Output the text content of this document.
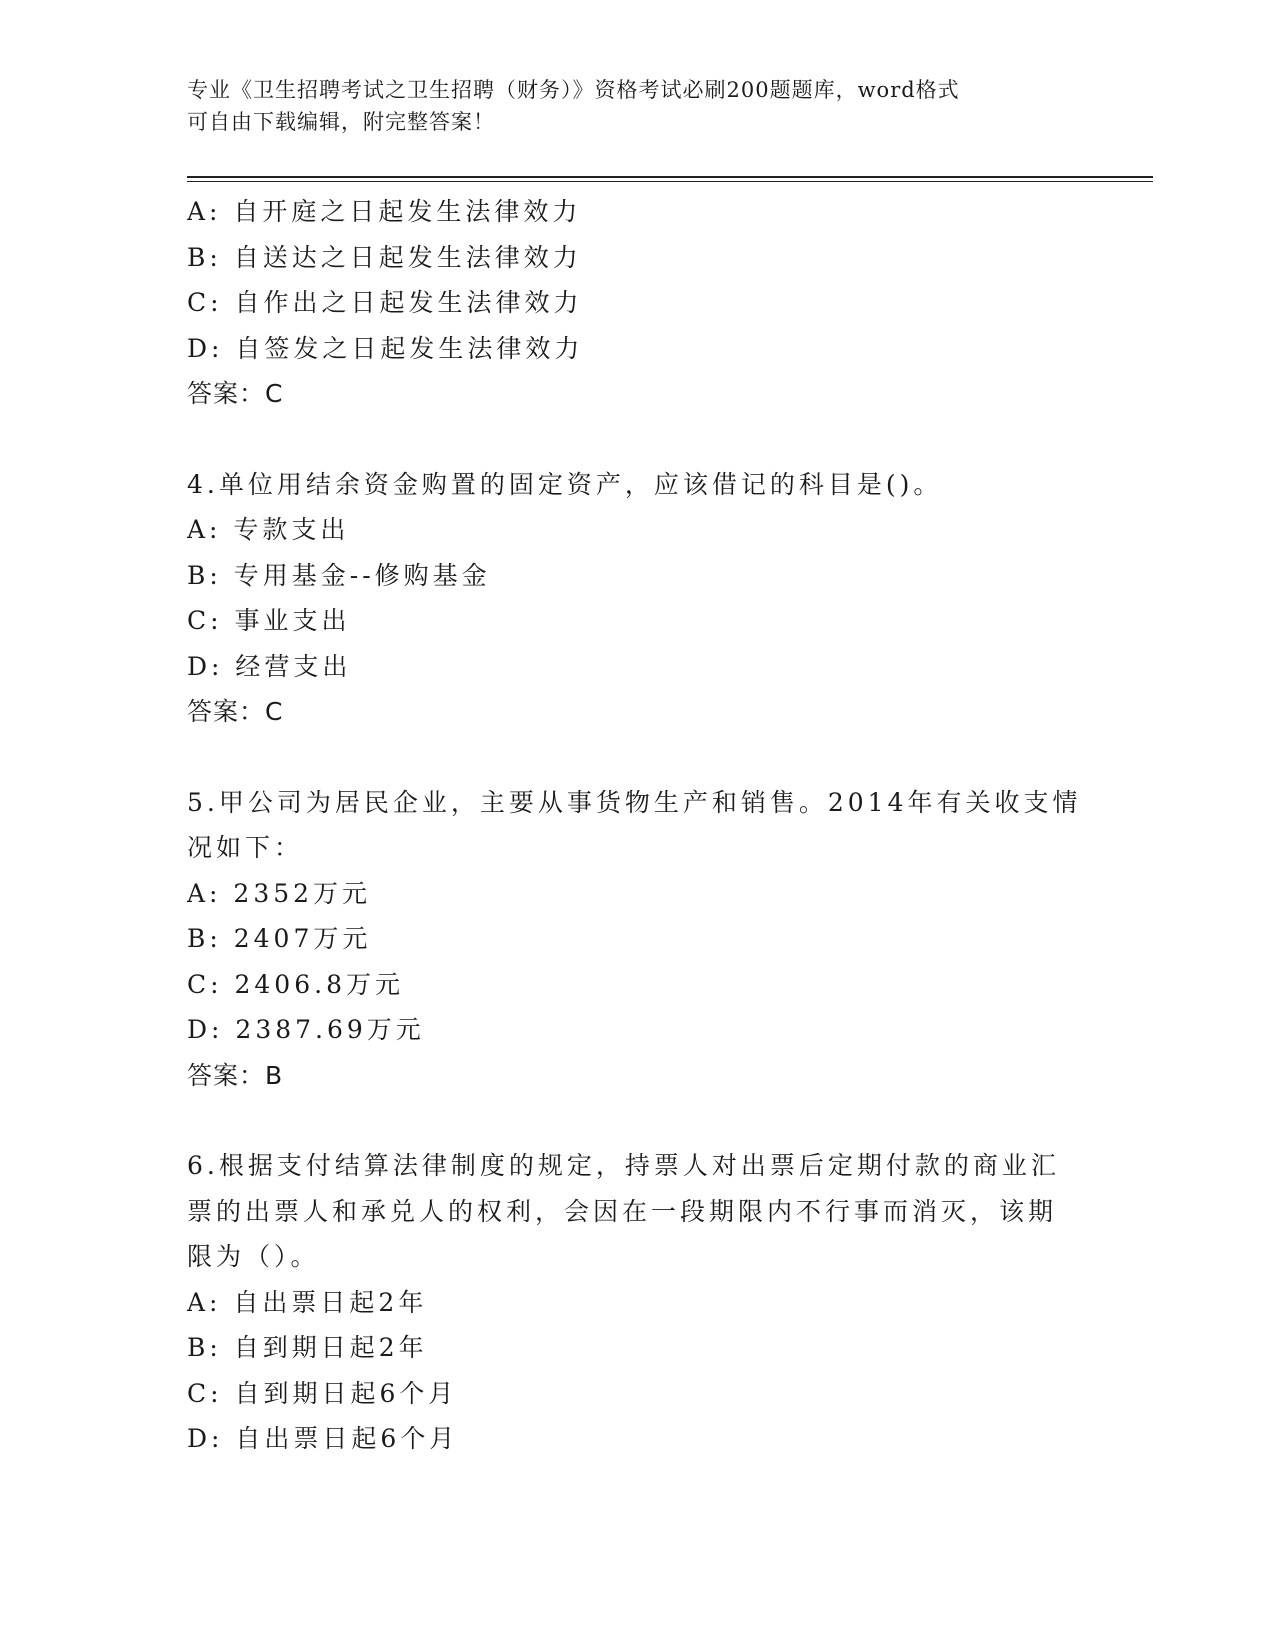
专业《卫生招聘考试之卫生招聘（财务）》资格考试必刷200题题库，word格式
可自由下载编辑，附完整答案！
A: 自开庭之日起发生法律效力
B: 自送达之日起发生法律效力
C: 自作出之日起发生法律效力
D: 自签发之日起发生法律效力
答案：C
4.单位用结余资金购置的固定资产，应该借记的科目是()。
A: 专款支出
B: 专用基金--修购基金
C: 事业支出
D: 经营支出
答案：C
5.甲公司为居民企业，主要从事货物生产和销售。2014年有关收支情
况如下：
A: 2352万元
B: 2407万元
C: 2406.8万元
D: 2387.69万元
答案：B
6.根据支付结算法律制度的规定，持票人对出票后定期付款的商业汇
票的出票人和承兑人的权利，会因在一段期限内不行事而消灭，该期
限为（）。
A: 自出票日起2年
B: 自到期日起2年
C: 自到期日起6个月
D: 自出票日起6个月
